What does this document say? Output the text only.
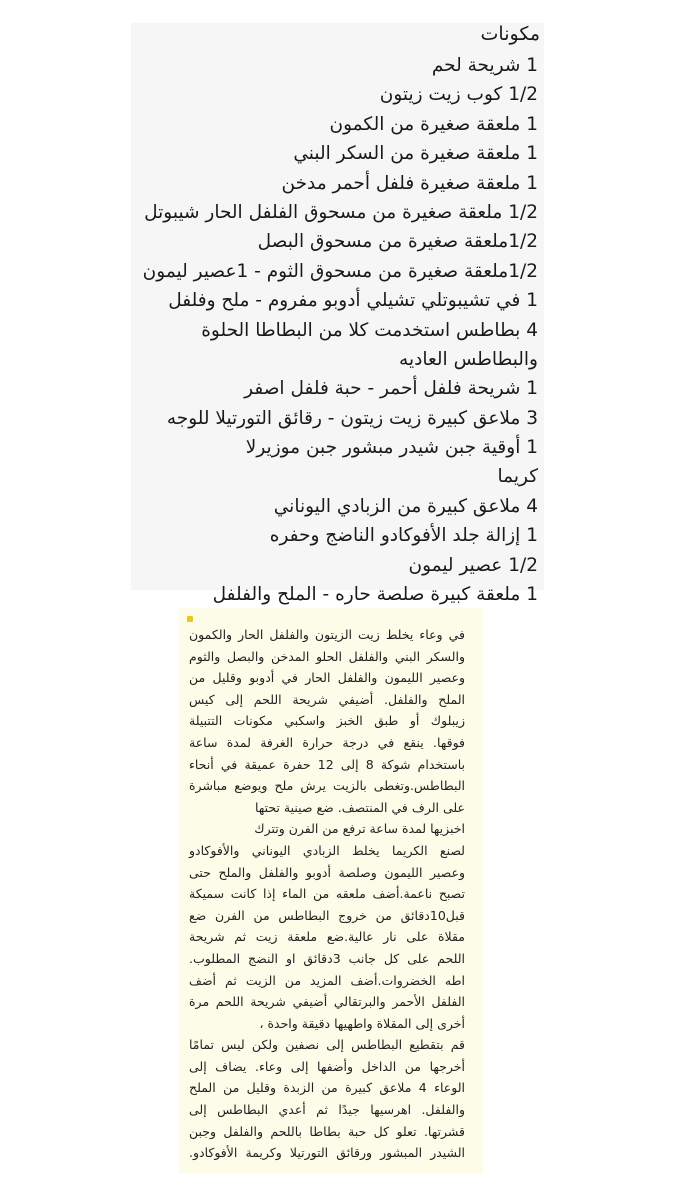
مكونات
1 شريحة لحم
1/2 كوب زيت زيتون
1 ملعقة صغيرة من الكمون
1 ملعقة صغيرة من السكر البني
1 ملعقة صغيرة فلفل أحمر مدخن
1/2 ملعقة صغيرة من مسحوق الفلفل الحار شيبوتل
1/2ملعقة صغيرة من مسحوق البصل
1/2ملعقة صغيرة من مسحوق الثوم - 1عصير ليمون
1 في تشيبوتلي تشيلي أدوبو مفروم - ملح وفلفل
4 بطاطس استخدمت كلا من البطاطا الحلوة
والبطاطس العاديه
1 شريحة فلفل أحمر - حبة فلفل اصفر
3 ملاعق كبيرة زيت زيتون - رقائق التورتيلا للوجه
1 أوقية جبن شيدر مبشور جبن موزيرلا
كريما
4 ملاعق كبيرة من الزبادي اليوناني
1 إزالة جلد الأفوكادو الناضج وحفره
1/2 عصير ليمون
1 ملعقة كبيرة صلصة حاره - الملح والفلفل
في وعاء يخلط زيت الزيتون والفلفل الحار والكمون
والسكر البني والفلفل الحلو المدخن والبصل والثوم
وعصير الليمون والفلفل الحار في أدوبو وقليل من
الملح والفلفل. أضيفي شريحة اللحم إلى كيس
زيبلوك أو طبق الخبز واسكبي مكونات التتبيلة
فوقها. ينقع في درجة حرارة الغرفة لمدة ساعة
باستخدام شوكة 8 إلى 12 حفرة عميقة في أنحاء
البطاطس.وتغطى بالزيت يرش ملح ويوضع مباشرة
على الرف في المنتصف. ضع صينية تحتها
اخبزيها لمدة ساعة ترفع من الفرن وتترك
لصنع الكريما يخلط الزبادي اليوناني والأفوكادو
وعصير الليمون وصلصة أدوبو والفلفل والملح حتى
تصبح ناعمة.أضف ملعقه من الماء إذا كانت سميكة
قبل10دقائق من خروج البطاطس من الفرن ضع
مقلاة على نار عالية.ضع ملعقة زيت ثم شريحة
اللحم على كل جانب 3دقائق او النضج المطلوب.
اطه الخضروات.أضف المزيد من الزيت ثم أضف
الفلفل الأحمر والبرتقالي أضيفي شريحة اللحم مرة
أخرى إلى المقلاة واطهيها دقيقة واحدة ،
قم بتقطيع البطاطس إلى نصفين ولكن ليس تمامًا
أخرجها من الداخل وأضفها إلى وعاء. يضاف إلى
الوعاء 4 ملاعق كبيرة من الزبدة وقليل من الملح
والفلفل. اهرسيها جيدًا ثم أعدي البطاطس إلى
قشرتها. تعلو كل حبة بطاطا باللحم والفلفل وجبن
الشيدر المبشور ورقائق التورتيلا وكريمة الأفوكادو.
